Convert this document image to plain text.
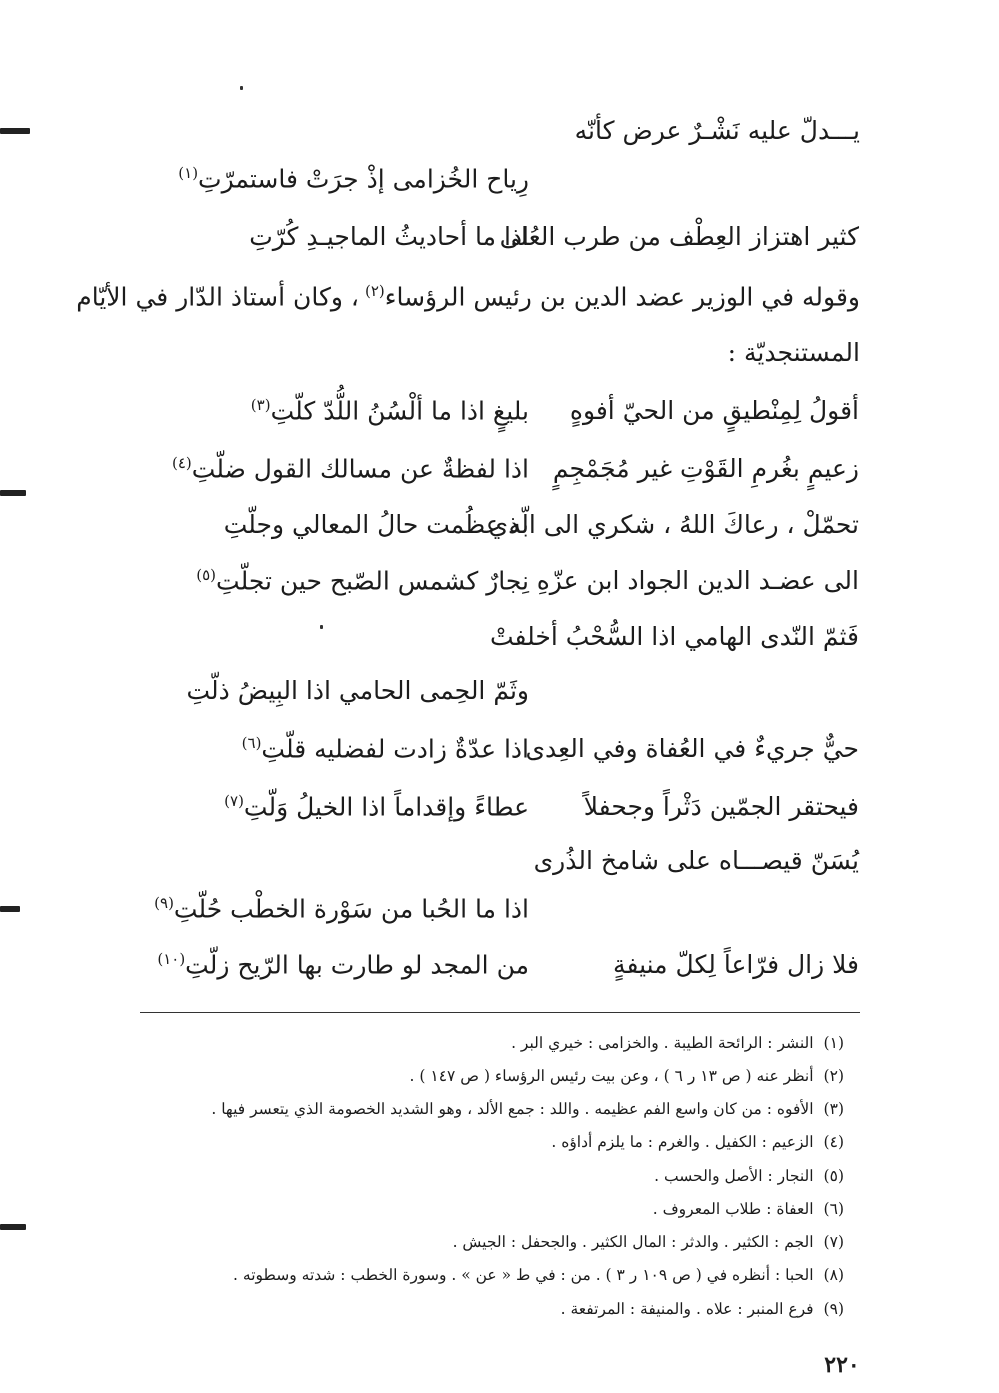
يـــدلّ عليه نَشْـرٌ عرض كأنّه
رِياح الخُزامى إذْ جرَتْ فاستمرّتِ$^{(١)}$
كثير اهتزاز العِطْف من طرب العُلى
اذا ما أحاديثُ الماجيـدِ كُرّتِ
وقوله في الوزير عضد الدين بن رئيس الرؤساء$^{(٢)}$، وكان أستاذ الدّار في الأيّام
المستنجديّة :
أقولُ لِمِنْطيقٍ من الحيّ أفوهٍ
بليغٍ اذا ما ألْسُنُ اللُّدّ كلّتِ$^{(٣)}$
زعيمٍ بغُرمِ القَوْتِ غير مُجَمْجِمٍ
اذا لفظةٌ عن مسالك القول ضلّتِ$^{(٤)}$
تحمّلْ ، رعاكَ اللهُ ، شكري الى الّذي
به عظُمت حالُ المعالي وجلّتِ
الى عضـد الدين الجواد ابن عزّهِ
نِجارٌ كشمس الصّبح حين تجلّتِ$^{(٥)}$
فَثمّ النّدى الهامي اذا السُّحْبُ أخلفتْ
وثَمّ الحِمى الحامي اذا البِيضُ ذلّتِ
حيٌّ جريءٌ في العُفاة وفي العِدى
اذا عدّةٌ زادت لفضليه قلّتِ$^{(٦)}$
فيحتقر الجمّين دَثْراً وجحفلاً
عطاءً وإقداماً اذا الخيلُ وَلّتِ$^{(٧)}$
يُسَنّ قيصـــاه على شامخ الذُرى
اذا ما الحُبا من سَوْرة الخطْب حُلّتِ$^{(٩)}$
فلا زال فرّاعاً لِكلّ منيفةٍ
من المجد لو طارت بها الرّيح زلّتِ$^{(١٠)}$
(١)النشر : الرائحة الطيبة . والخزامى : خيري البر .
(٢)أنظر عنه ( ص ١٣ ر ٦ ) ، وعن بيت رئيس الرؤساء ( ص ١٤٧ ) .
(٣)الأفوه : من كان واسع الفم عظيمه . واللد : جمع الألد ، وهو الشديد الخصومة الذي يتعسر فيها .
(٤)الزعيم : الكفيل . والغرم : ما يلزم أداؤه .
(٥)النجار : الأصل والحسب .
(٦)العفاة : طلاب المعروف .
(٧)الجم : الكثير . والدثر : المال الكثير . والجحفل : الجيش .
(٨)الحبا : أنظره في ( ص ١٠٩ ر ٣ ) . من : في ط « عن » . وسورة الخطب : شدته وسطوته .
(٩)فرع المنبر : علاه . والمنيفة : المرتفعة .
٢٢٠
